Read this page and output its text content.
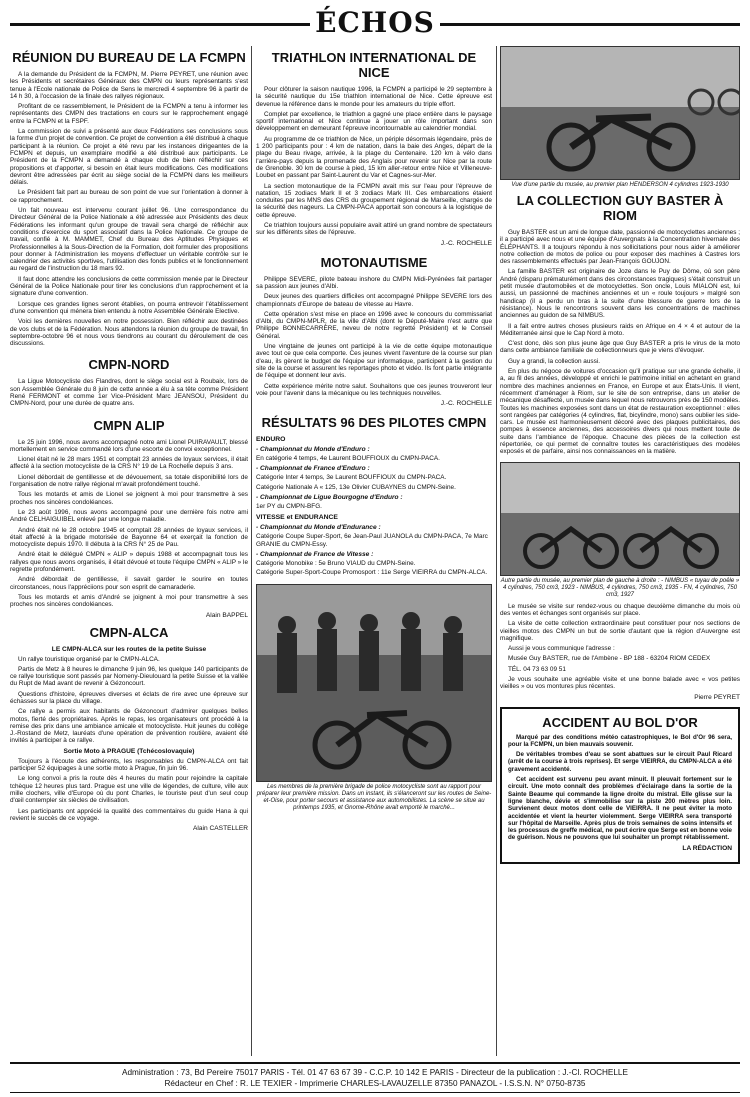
ÉCHOS
RÉUNION DU BUREAU DE LA FCMPN

A la demande du Président de la FCMPN, M. Pierre PEYRET, une réunion avec les Présidents et secrétaires Généraux des CMPN ou leurs représentants s'est tenue à l'Ecole nationale de Police de Sens le mercredi 4 septembre 96 à partir de 14 h 30, à l'occasion de la finale des rallyes régionaux.

Profitant de ce rassemblement, le Président de la FCMPN a tenu à informer les représentants des CMPN des tractations en cours sur le rapprochement engagé entre la FCMPN et la FSPF.

La commission de suivi a présenté aux deux Fédérations ses conclusions sous la forme d'un projet de convention. Ce projet de convention a été distribué à chaque participant à la réunion. Ce projet a été revu par les instances dirigeantes de la FCMPN et depuis, un exemplaire modifié a été distribué aux participants. Le Président de la FCMPN a demandé à chaque club de bien réfléchir sur ces propositions et d'apporter, si besoin en était leurs modifications. Ces modifications devront être adressées par écrit au siège social de la FCMPN dans les meilleurs délais.

Le Président fait part au bureau de son point de vue sur l'orientation à donner à ce rapprochement.

Un fait nouveau est intervenu courant juillet 96. Une correspondance du Directeur Général de la Police Nationale a été adressée aux Présidents des deux Fédérations les informant qu'un groupe de travail sera chargé de réfléchir aux conditions d'exercice du sport associatif dans la Police Nationale. Ce groupe de travail, confié à M. MAMMET, Chef du Bureau des Aptitudes Physiques et Professionnelles à la Sous-Direction de la Formation, doit formuler des propositions pour donner à l'Administration les moyens d'effectuer un véritable contrôle sur le calendrier des activités sportives, l'utilisation des fonds publics et le fonctionnement au regard de l'instruction du 18 mars 92.

Il faut donc attendre les conclusions de cette commission menée par le Directeur Général de la Police Nationale pour tirer les conclusions d'un rapprochement et la signature d'une convention.

Lorsque ces grandes lignes seront établies, on pourra entrevoir l'établissement d'une convention qui ménera bien entendu à notre Assemblée Générale Elective.

Voici les dernières nouvelles en notre possession. Bien réfléchir aux destinées de vos clubs et de la Fédération. Nous attendons la réunion du groupe de travail, fin septembre-octobre 96 et nous vous tiendrons au courant du déroulement de ces discussions.

CMPN-NORD

La Ligue Motocycliste des Flandres, dont le siège social est à Roubaix, lors de son Assemblée Générale du 8 juin de cette année a élu à sa tête comme Président René FERMONT et comme 1er Vice-Président Marc JEANSOU, Président du CMPN-Nord, pour une durée de quatre ans.

CMPN ALIP

Le 25 juin 1996, nous avons accompagné notre ami Lionel PUIRAVAULT, blessé mortellement en service commandé lors d'une escorte de convoi exceptionnel.

Lionel était né le 28 mars 1951 et comptait 23 années de loyaux services, il était affecté à la section motocycliste de la CRS N° 19 de La Rochelle depuis 3 ans.

Lionel débordait de gentillesse et de dévouement, sa totale disponibilité lors de l'organisation de notre rallye régional m'avait profondément touché.

Tous les motards et amis de Lionel se joignent à moi pour transmettre à ses proches nos sincères condoléances.

Le 23 août 1996, nous avons accompagné pour une dernière fois notre ami André CELHAIGUIBEL enlevé par une longue maladie.

André était né le 28 octobre 1945 et comptait 28 années de loyaux services, il était affecté à la brigade motorisée de Bayonne 64 et exerçait la fonction de motocycliste depuis 1970. Il débuta à la CRS N° 25 de Pau.

André était le délégué CMPN « ALIP » depuis 1988 et accompagnait tous les rallyes que nous avons organisés, il était dévoué et toute l'équipe CMPN « ALIP » le regrette profondément.

André débordait de gentillesse, il savait garder le sourire en toutes circonstances, nous l'appréciions pour son esprit de camaraderie.

Tous les motards et amis d'André se joignent à moi pour transmettre à ses proches nos sincères condoléances.

Alain BAPPEL
CMPN-ALCA
LE CMPN-ALCA sur les routes de la petite Suisse

Un rallye touristique organisé par le CMPN-ALCA.

Partis de Metz à 8 heures le dimanche 9 juin 96, les quelque 140 participants de ce rallye touristique sont passés par Nomeny-Dieulouard la petite Suisse et la vallée du Rupt de Mad avant de revenir à Gézoncourt.

Questions d'histoire, épreuves diverses et éclats de rire avec une épreuve sur échasses sur la place du village.

Ce rallye a permis aux habitants de Gézoncourt d'admirer quelques belles motos, fierté des propriétaires. Après le repas, les organisateurs ont procédé à la remise des prix dans une ambiance amicale et motocycliste. Huit jeunes du collège J.-Rostand de Metz, lauréats d'une opération de prévention routière, avaient été invités à participer à ce rallye.

Sortie Moto à PRAGUE (Tchécoslovaquie)

Toujours à l'écoute des adhérents, les responsables du CMPN-ALCA ont fait participer 52 équipages à une sortie moto à Prague, fin juin 96.

Le long convoi a pris la route dès 4 heures du matin pour rejoindre la capitale tchèque 12 heures plus tard. Prague est une ville de légendes, de culture, ville aux mille clochers, ville d'Europe où du pont Charles, le touriste peut d'un seul coup d'œil contempler six siècles de civilisation.

Les participants ont apprécié la qualité des commentaires du guide Hana à qui revient le succès de ce voyage.

Alain CASTELLER
TRIATHLON INTERNATIONAL DE NICE

Pour clôturer la saison nautique 1996, la FCMPN a participé le 29 septembre à la sécurité nautique du 15e triathlon international de Nice. Cette épreuve est devenue la référence dans le monde pour les amateurs du triple effort.

Complet par excellence, le triathlon a gagné une place entière dans le paysage sportif international et Nice continue à jouer un rôle important dans son développement en demeurant l'épreuve incontournable au calendrier mondial.

Au programme de ce triathlon de Nice, un périple désormais légendaire, près de 1 200 participants pour : 4 km de natation, dans la baie des Anges, départ de la plage du Beau rivage, arrivée, à la plage du Centenaire. 120 km à vélo dans l'arrière-pays depuis la promenade des Anglais pour revenir sur Nice par la route de Grenoble. 30 km de course à pied, 15 km aller-retour entre Nice et Villeneuve-Loubet en passant par Saint-Laurent du Var et Cagnes-sur-Mer.

La section motonautique de la FCMPN avait mis sur l'eau pour l'épreuve de natation, 15 zodiacs Mark II et 3 zodiacs Mark III. Ces embarcations étaient conduites par les MNS des CRS du groupement régional de Marseille, chargés de la sécurité des nageurs. La CMPN-PACA apportait son concours à la logistique de cette épreuve.

Ce triathlon toujours aussi populaire avait attiré un grand nombre de spectateurs sur les différents sites de l'épreuve.

J.-C. ROCHELLE
MOTONAUTISME

Philippe SEVERE, pilote bateau inshore du CMPN Midi-Pyrénées fait partager sa passion aux jeunes d'Albi.

Deux jeunes des quartiers difficiles ont accompagné Philippe SEVERE lors des championnats d'Europe de bateau de vitesse au Havre.

Cette opération s'est mise en place en 1996 avec le concours du commissariat d'Albi, du CMPN-MPLR, de la ville d'Albi (dont le Député-Maire n'est autre que Philippe BONNECARRÈRE, neveu de notre regretté Président) et le Conseil Général.

Une vingtaine de jeunes ont participé à la vie de cette équipe motonautique avec tout ce que cela comporte. Ces jeunes vivent l'aventure de la course sur plan d'eau, ils gèrent le budget de l'équipe sur informatique, participent à la gestion du site de la course et assurent les reportages photo et vidéo. Ils font partie intégrante de l'équipe et donnent leur avis.

Cette expérience mérite notre salut. Souhaitons que ces jeunes trouveront leur voie pour l'avenir dans la mécanique ou les techniques nouvelles.

J.-C. ROCHELLE
RÉSULTATS 96 DES PILOTES CMPN
ENDURO
- Championnat du Monde d'Enduro :
En catégorie 4 temps, 4e Laurent BOUFFIOUX du CMPN-PACA.
- Championnat de France d'Enduro :
Catégorie Inter 4 temps, 3e Laurent BOUFFIOUX du CMPN-PACA.
Catégorie Nationale A « 125, 13e Olivier CUBAYNES du CMPN-Seine.
- Championnat de Ligue Bourgogne d'Enduro :
1er PY du CMPN-BFG.
VITESSE et ENDURANCE
- Championnat du Monde d'Endurance :
Catégorie Coupe Super-Sport, 6e Jean-Paul JUANOLA du CMPN-PACA, 7e Marc GRANIE du CMPN-Essy.
- Championnat de France de Vitesse :
Catégorie Monobike : 5e Bruno VIAUD du CMPN-Seine.
Catégorie Super-Sport-Coupe Promosport : 11e Serge VIEIRRA du CMPN-ALCA.
Les membres de la première brigade de police motocycliste sont au rapport pour préparer leur première mission. Dans un instant, ils s'élanceront sur les routes de Seine-et-Oise, pour porter secours et assistance aux automobilistes. La scène se situe au printemps 1935, et Gnome-Rhône avait emporté le marché...
Vue d'une partie du musée, au premier plan HENDERSON 4 cylindres 1923-1930
LA COLLECTION GUY BASTER À RIOM

Guy BASTER est un ami de longue date, passionné de motocyclettes anciennes ; il a participé avec nous et une équipe d'Auvergnats à la Concentration hivernale des ÉLÉPHANTS. Il a toujours répondu à nos sollicitations pour nous aider à améliorer notre collection de motos de police ou pour exposer des machines à Castres lors des rassemblements effectués par Jean-François GOUJON.

La famille BASTER est originaire de Joze dans le Puy de Dôme, où son père André (disparu prématurément dans des circonstances tragiques) s'était construit un petit musée d'automobiles et de motocyclettes. Son oncle, Louis MIALON est, lui aussi, un passionné de machines anciennes et un « roule toujours » malgré son handicap (il a perdu un bras à la suite d'une blessure de guerre lors de la résistance). Nous le rencontrons souvent dans les concentrations de machines anciennes au guidon de sa NIMBUS.

Il a fait entre autres choses plusieurs raids en Afrique en 4 × 4 et autour de la Méditerranée ainsi que le Cap Nord à moto.

C'est donc, dès son plus jeune âge que Guy BASTER a pris le virus de la moto dans cette ambiance familiale de collectionneurs que je viens d'évoquer.

Guy a grandi, la collection aussi.

En plus du négoce de voitures d'occasion qu'il pratique sur une grande échelle, il a, au fil des années, développé et enrichi le patrimoine initial en achetant en grand nombre des machines anciennes en France, en Europe et aux États-Unis. Il vient, récemment d'aménager à Riom, sur le site de son entreprise, dans un atelier de mécanique désaffecté, un musée dans lequel nous retrouvons près de 150 modèles. Toutes les machines exposées sont dans un état de restauration exceptionnel : elles sont rangées par catégories (4 cylindres, flat, bicylindre, mono) sans oublier les side-cars. Le musée est harmonieusement décoré avec des plaques publicitaires, des pompes à essence anciennes, des accessoires divers qui nous mettent toute de suite dans l'ambiance de l'époque. Chacune des pièces de la collection est répertoriée, ce qui permet de connaître toutes les caractéristiques des modèles exposés et de parfaire, ainsi nos connaissances en la matière.

Autre partie du musée, au premier plan de gauche à droite : - NIMBUS « tuyau de poêle » 4 cylindres, 750 cm3, 1923 - NIMBUS, 4 cylindres, 750 cm3, 1935 - FN, 4 cylindres, 750 cm3, 1927

Le musée se visite sur rendez-vous ou chaque deuxième dimanche du mois où des ventes et échanges sont organisés sur place.

La visite de cette collection extraordinaire peut constituer pour nos sections de vieilles motos des CMPN un but de sortie d'autant que la région d'Auvergne est magnifique.

Aussi je vous communique l'adresse :

Musée Guy BASTER, rue de l'Ambène - BP 188 - 63204 RIOM CEDEX

TÉL. 04 73 63 09 51

Je vous souhaite une agréable visite et une bonne balade avec « vos petites vieilles » ou vos montures plus récentes.

Pierre PEYRET
ACCIDENT AU BOL D'OR

Marqué par des conditions météo catastrophiques, le Bol d'Or 96 sera, pour la FCMPN, un bien mauvais souvenir.

De véritables trombes d'eau se sont abattues sur le circuit Paul Ricard (arrêt de la course à trois reprises). Et serge VIEIRRA, du CMPN-ALCA a été gravement accidenté.

Cet accident est survenu peu avant minuit. Il pleuvait fortement sur le circuit. Une moto connaît des problèmes d'éclairage dans la sortie de la Sainte Beaume qui commande la ligne droite du mistral. Elle glisse sur la ligne blanche, dévie et s'immobilise sur la piste 200 mètres plus loin. Survienent deux motos dont celle de VIEIRRA. Il ne peut éviter la moto accidentée et vient la heurter violemment. Serge VIEIRRA sera transporté sur l'hôpital de Marseille. Après plus de trois semaines de soins intensifs et les processus de greffe médical, ne peut écrire que Serge est en bonne voie de guérison. Nous ne pouvons que lui souhaiter un prompt rétablissement.

LA RÉDACTION
Administration : 73, Bd Pereire 75017 PARIS - Tél. 01 47 63 67 39 - C.C.P. 10 142 E PARIS - Directeur de la publication : J.-Cl. ROCHELLE
Rédacteur en Chef : R. LE TEXIER - Imprimerie CHARLES-LAVAUZELLE 87350 PANAZOL - I.S.S.N. N° 0750-8735
